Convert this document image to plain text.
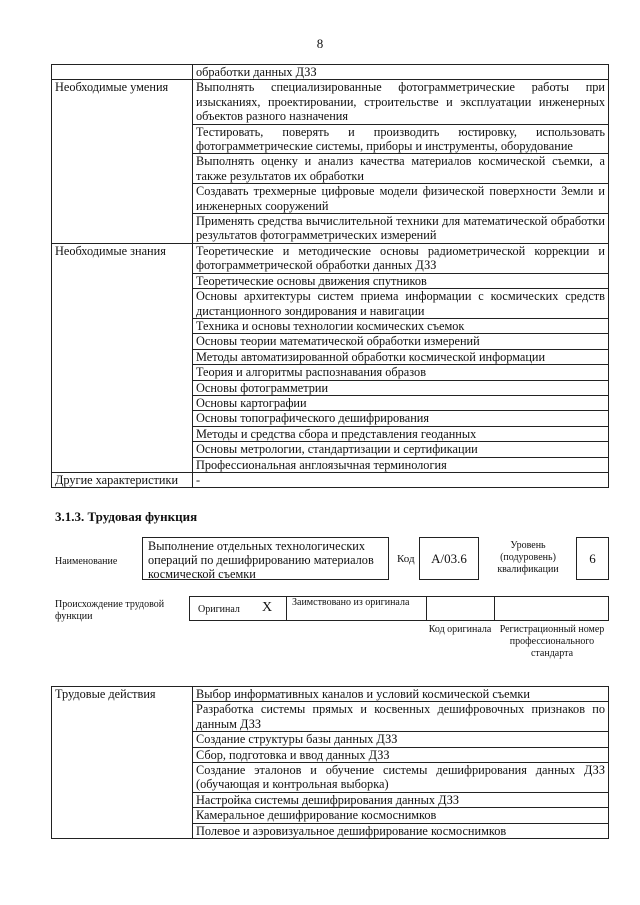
8
	обработки данных ДЗЗ
Необходимые умения	Выполнять специализированные фотограмметрические работы при изысканиях, проектировании, строительстве и эксплуатации инженерных объектов разного назначения
	Тестировать, поверять и производить юстировку, использовать фотограмметрические системы, приборы и инструменты, оборудование
	Выполнять оценку и анализ качества материалов космической съемки, а также результатов их обработки
	Создавать трехмерные цифровые модели физической поверхности Земли и инженерных сооружений
	Применять средства вычислительной техники для математической обработки результатов фотограмметрических измерений
Необходимые знания	Теоретические и методические основы радиометрической коррекции и фотограмметрической обработки данных ДЗЗ
	Теоретические основы движения спутников
	Основы архитектуры систем приема информации с космических средств дистанционного зондирования и навигации
	Техника и основы технологии космических съемок
	Основы теории математической обработки измерений
	Методы автоматизированной обработки космической информации
	Теория и алгоритмы распознавания образов
	Основы фотограмметрии
	Основы картографии
	Основы топографического дешифрирования
	Методы и средства сбора и представления геоданных
	Основы метрологии, стандартизации и сертификации
	Профессиональная англоязычная терминология
Другие характеристики	-
3.1.3. Трудовая функция
Наименование
Выполнение отдельных технологических операций по дешифрированию материалов космической съемки
Код	A/03.6
Уровень (подуровень) квалификации
6
Происхождение трудовой функции
Оригинал X Заимствовано из оригинала
Код оригинала Регистрационный номер профессионального стандарта
Трудовые действия	Выбор информативных каналов и условий космической съемки
Разработка системы прямых и косвенных дешифровочных признаков по данным ДЗЗ
Создание структуры базы данных ДЗЗ
Сбор, подготовка и ввод данных ДЗЗ
Создание эталонов и обучение системы дешифрирования данных ДЗЗ (обучающая и контрольная выборка)
Настройка системы дешифрирования данных ДЗЗ
Камеральное дешифрирование космоснимков
Полевое и аэровизуальное дешифрирование космоснимков
